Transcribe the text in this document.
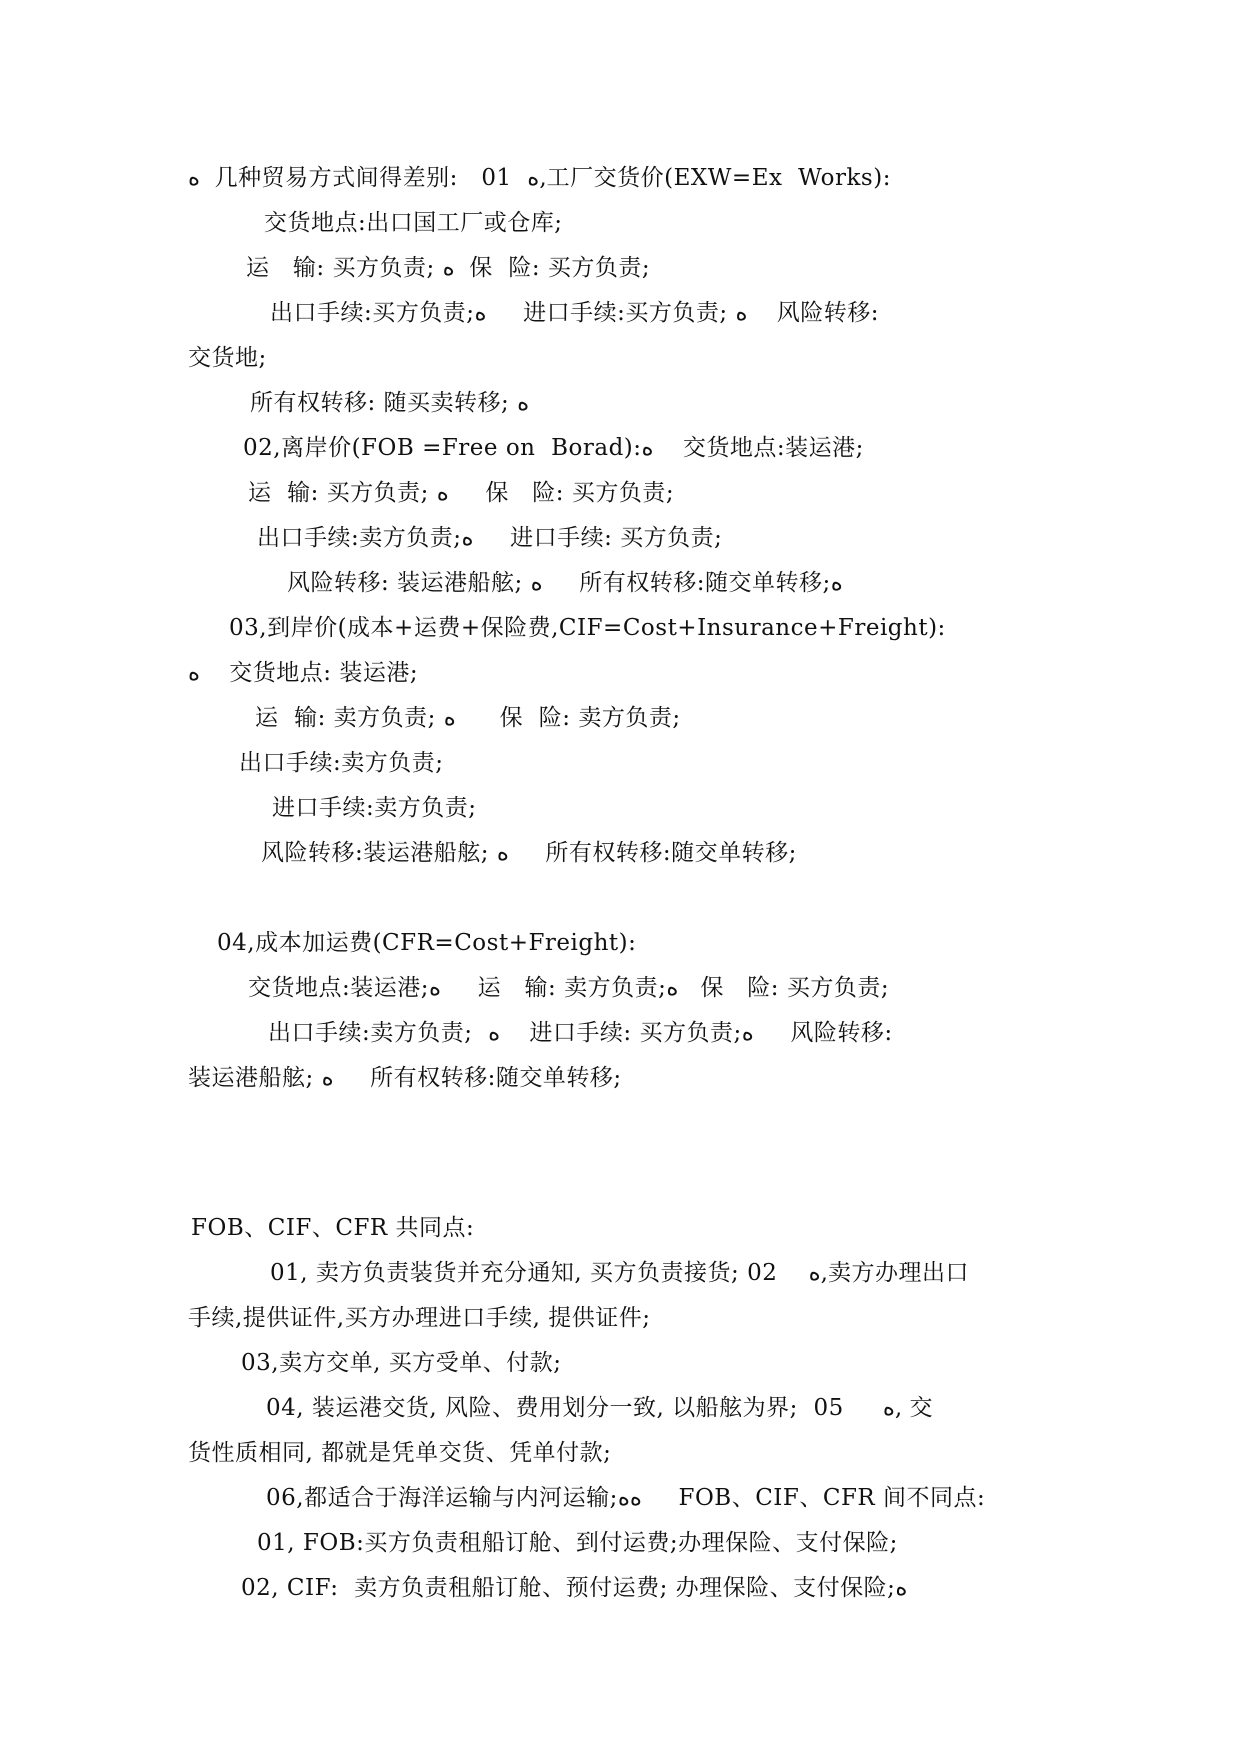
ﻩ  几种贸易方式间得差别:   01  ﻩ,工厂交货价(EXW=Ex  Works):
交货地点:出口国工厂或仓库;
运   输: 买方负责; ﻩ  保  险: 买方负责;
出口手续:买方负责;ﻩ     进口手续:买方负责; ﻩ    风险转移:
交货地;
所有权转移: 随买卖转移; ﻩ
02,离岸价(FOB =Free on  Borad):ﻩ    交货地点:装运港;
运  输: 买方负责; ﻩ     保   险: 买方负责;
出口手续:卖方负责;ﻩ     进口手续: 买方负责;
风险转移: 装运港船舷; ﻩ     所有权转移:随交单转移;ﻩ
03,到岸价(成本+运费+保险费,CIF=Cost+Insurance+Freight):
ﻩ    交货地点: 装运港;
运  输: 卖方负责; ﻩ      保  险: 卖方负责;
出口手续:卖方负责;
进口手续:卖方负责;
风险转移:装运港船舷; ﻩ     所有权转移:随交单转移;
04,成本加运费(CFR=Cost+Freight):
交货地点:装运港;ﻩ     运   输: 卖方负责;ﻩ   保   险: 买方负责;
出口手续:卖方负责;  ﻩ    进口手续: 买方负责;ﻩ     风险转移:
装运港船舷; ﻩ     所有权转移:随交单转移;
FOB、CIF、CFR 共同点:
01, 卖方负责装货并充分通知, 买方负责接货; 02    ﻩ,卖方办理出口
手续,提供证件,买方办理进口手续, 提供证件;
03,卖方交单, 买方受单、付款;
04, 装运港交货, 风险、费用划分一致, 以船舷为界;  05     ﻩ, 交
货性质相同, 都就是凭单交货、凭单付款;
06,都适合于海洋运输与内河运输;ﻩﻩ     FOB、CIF、CFR 间不同点:
01, FOB:买方负责租船订舱、到付运费;办理保险、支付保险;
02, CIF:  卖方负责租船订舱、预付运费; 办理保险、支付保险;ﻩ
